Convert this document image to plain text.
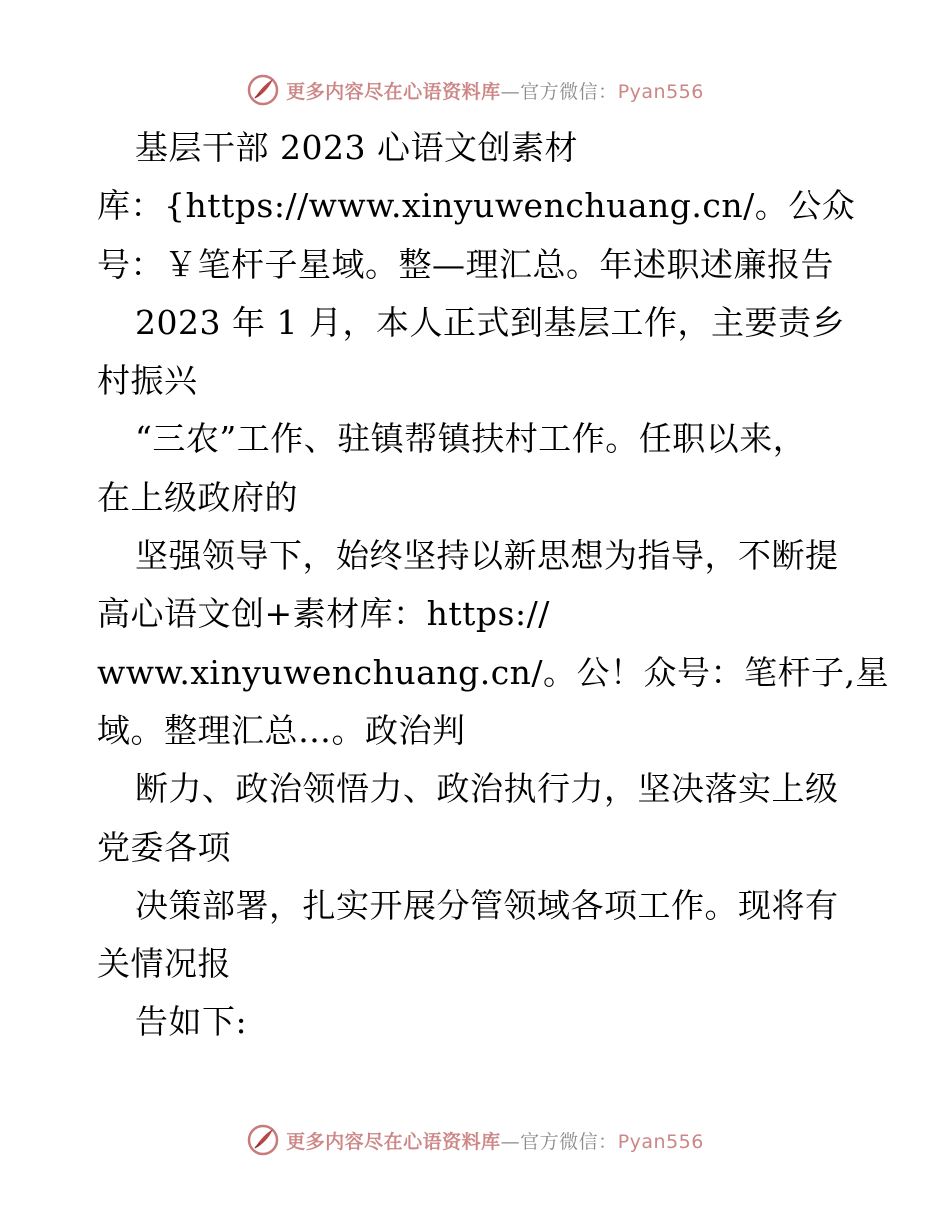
更多内容尽在心语资料库—官方微信：Pyan556
基层干部 2023 心语文创素材
库：{https://www.xinyuwenchuang.cn/。公众
号：￥笔杆子星域。整—理汇总。年述职述廉报告
2023 年 1 月，本人正式到基层工作，主要责乡
村振兴
“三农”工作、驻镇帮镇扶村工作。任职以来，
在上级政府的
坚强领导下，始终坚持以新思想为指导，不断提
高心语文创+素材库：https://
www.xinyuwenchuang.cn/。公！众号：笔杆子,星
域。整理汇总…。政治判
断力、政治领悟力、政治执行力，坚决落实上级
党委各项
决策部署，扎实开展分管领域各项工作。现将有
关情况报
告如下:
更多内容尽在心语资料库—官方微信：Pyan556
